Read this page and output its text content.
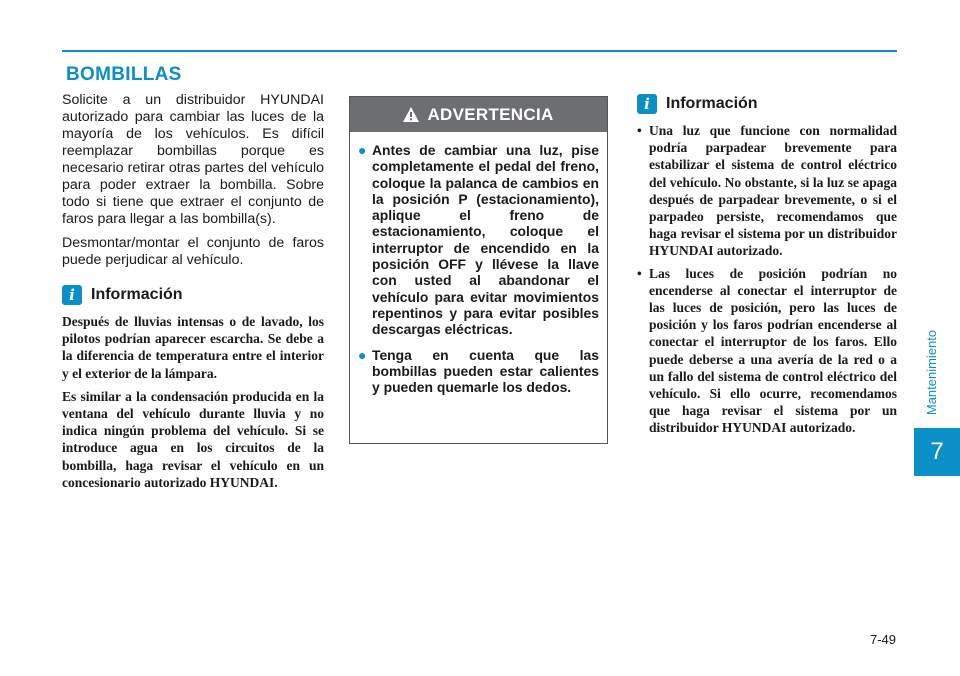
BOMBILLAS

Solicite a un distribuidor HYUNDAI autorizado para cambiar las luces de la mayoría de los vehículos. Es difícil reemplazar bombillas porque es necesario retirar otras partes del vehículo para poder extraer la bombilla. Sobre todo si tiene que extraer el conjunto de faros para llegar a las bombilla(s).

Desmontar/montar el conjunto de faros puede perjudicar al vehículo.

i	Información

Después de lluvias intensas o de lavado, los pilotos podrían aparecer escarcha. Se debe a la diferencia de temperatura entre el interior y el exterior de la lámpara.

Es similar a la condensación producida en la ventana del vehículo durante lluvia y no indica ningún problema del vehículo. Si se introduce agua en los circuitos de la bombilla, haga revisar el vehículo en un concesionario autorizado HYUNDAI.

ADVERTENCIA
● Antes de cambiar una luz, pise completamente el pedal del freno, coloque la palanca de cambios en la posición P (estacionamiento), aplique el freno de estacionamiento, coloque el interruptor de encendido en la posición OFF y llévese la llave con usted al abandonar el vehículo para evitar movimientos repentinos y para evitar posibles descargas eléctricas.
● Tenga en cuenta que las bombillas pueden estar calientes y pueden quemarle los dedos.
i	Información
• Una luz que funcione con normalidad podría parpadear brevemente para estabilizar el sistema de control eléctrico del vehículo. No obstante, si la luz se apaga después de parpadear brevemente, o si el parpadeo persiste, recomendamos que haga revisar el sistema por un distribuidor HYUNDAI autorizado.
• Las luces de posición podrían no encenderse al conectar el interruptor de las luces de posición, pero las luces de posición y los faros podrían encenderse al conectar el interruptor de los faros. Ello puede deberse a una avería de la red o a un fallo del sistema de control eléctrico del vehículo. Si ello ocurre, recomendamos que haga revisar el sistema por un distribuidor HYUNDAI autorizado.
Mantenimiento
7
7-49
